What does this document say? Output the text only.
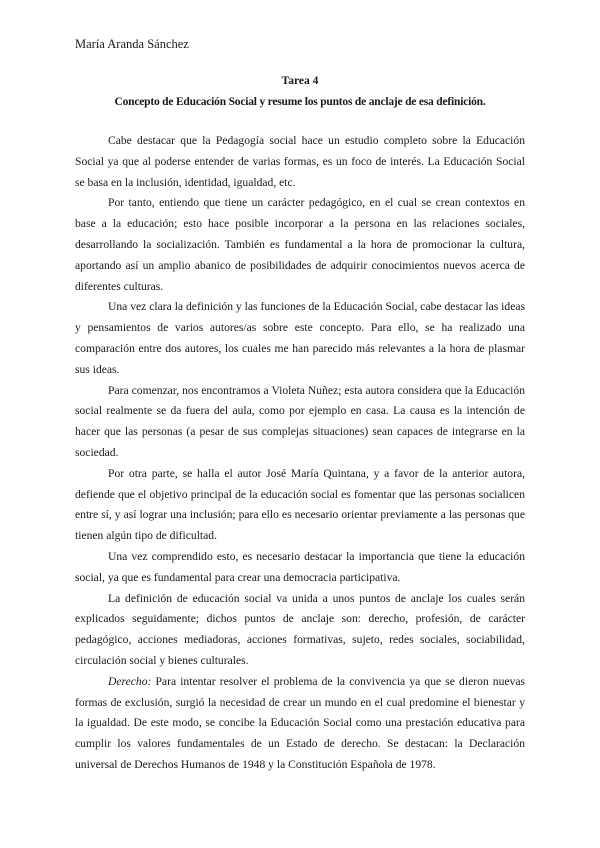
María Aranda Sánchez
Tarea 4
Concepto de Educación Social y resume los puntos de anclaje de esa definición.

Cabe destacar que la Pedagogía social hace un estudio completo sobre la Educación Social ya que al poderse entender de varias formas, es un foco de interés. La Educación Social se basa en la inclusión, identidad, igualdad, etc.

Por tanto, entiendo que tiene un carácter pedagógico, en el cual se crean contextos en base a la educación; esto hace posible incorporar a la persona en las relaciones sociales, desarrollando la socialización. También es fundamental a la hora de promocionar la cultura, aportando así un amplio abanico de posibilidades de adquirir conocimientos nuevos acerca de diferentes culturas.

Una vez clara la definición y las funciones de la Educación Social, cabe destacar las ideas y pensamientos de varios autores/as sobre este concepto. Para ello, se ha realizado una comparación entre dos autores, los cuales me han parecido más relevantes a la hora de plasmar sus ideas.

Para comenzar, nos encontramos a Violeta Nuñez; esta autora considera que la Educación social realmente se da fuera del aula, como por ejemplo en casa. La causa es la intención de hacer que las personas (a pesar de sus complejas situaciones) sean capaces de integrarse en la sociedad.

Por otra parte, se halla el autor José María Quintana, y a favor de la anterior autora, defiende que el objetivo principal de la educación social es fomentar que las personas socialicen entre sí, y así lograr una inclusión; para ello es necesario orientar previamente a las personas que tienen algún tipo de dificultad.

Una vez comprendido esto, es necesario destacar la importancia que tiene la educación social, ya que es fundamental para crear una democracia participativa.

La definición de educación social va unida a unos puntos de anclaje los cuales serán explicados seguidamente; dichos puntos de anclaje son: derecho, profesión, de carácter pedagógico, acciones mediadoras, acciones formativas, sujeto, redes sociales, sociabilidad, circulación social y bienes culturales.

Derecho: Para intentar resolver el problema de la convivencia ya que se dieron nuevas formas de exclusión, surgió la necesidad de crear un mundo en el cual predomine el bienestar y la igualdad. De este modo, se concibe la Educación Social como una prestación educativa para cumplir los valores fundamentales de un Estado de derecho. Se destacan: la Declaración universal de Derechos Humanos de 1948 y la Constitución Española de 1978.
